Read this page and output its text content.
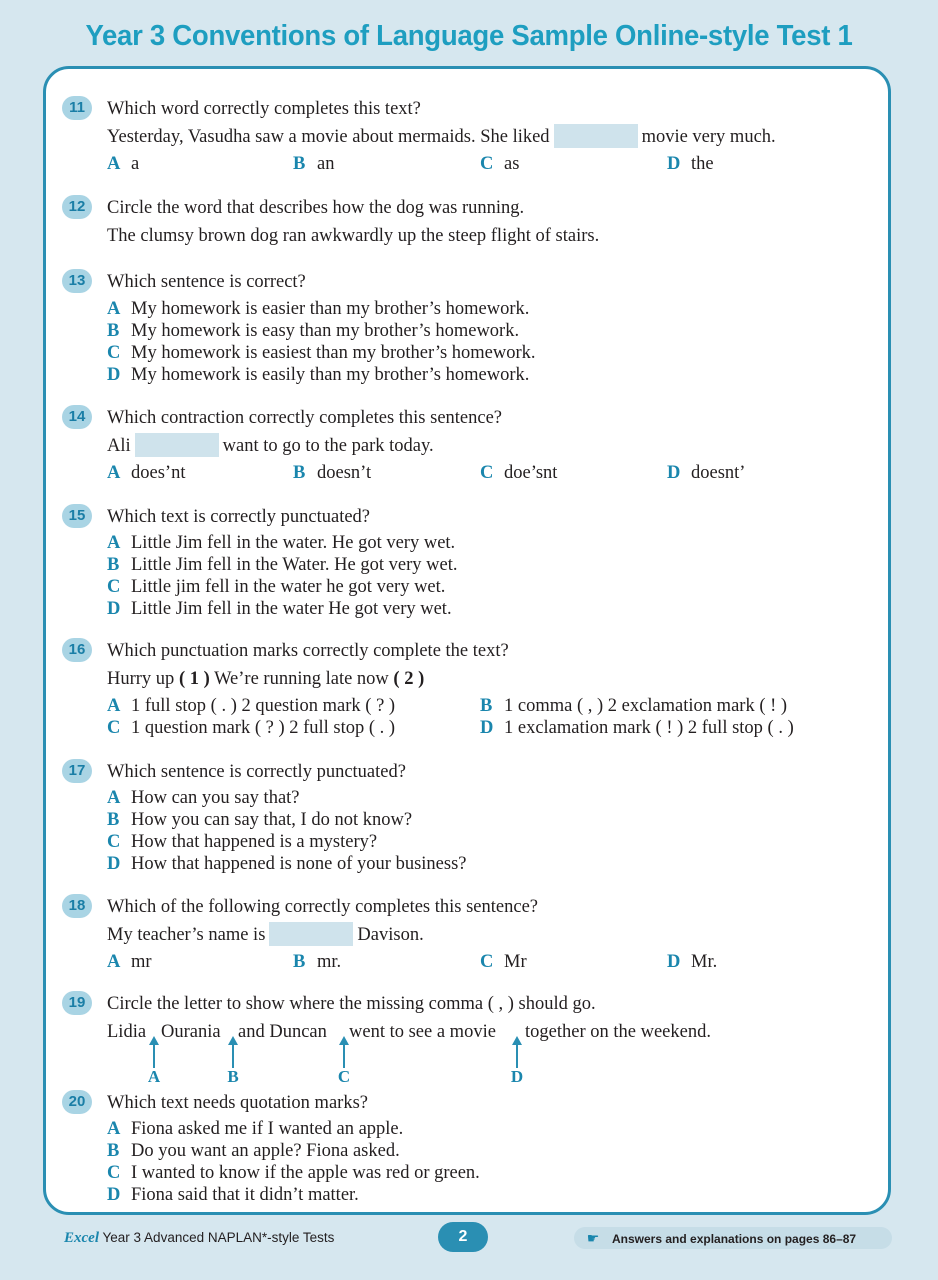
Year 3 Conventions of Language Sample Online-style Test 1
11	Which word correctly completes this text?
Yesterday, Vasudha saw a movie about mermaids. She liked	movie very much.
A a	B an	C as	D the
12	Circle the word that describes how the dog was running.
The clumsy brown dog ran awkwardly up the steep flight of stairs.
13	Which sentence is correct?
A My homework is easier than my brother’s homework.
B My homework is easy than my brother’s homework.
C My homework is easiest than my brother’s homework.
D My homework is easily than my brother’s homework.
14	Which contraction correctly completes this sentence?
Ali	want to go to the park today.
A does’nt	B doesn’t	C doe’snt	D doesnt’
15	Which text is correctly punctuated?
A Little Jim fell in the water. He got very wet.
B Little Jim fell in the Water. He got very wet.
C Little jim fell in the water he got very wet.
D Little Jim fell in the water He got very wet.
16	Which punctuation marks correctly complete the text?
Hurry up ( 1 ) We’re running late now ( 2 )
A 1 full stop ( . ) 2 question mark ( ? )	B 1 comma ( , ) 2 exclamation mark ( ! )
C 1 question mark ( ? ) 2 full stop ( . )	D 1 exclamation mark ( ! ) 2 full stop ( . )
17	Which sentence is correctly punctuated?
A How can you say that?
B How you can say that, I do not know?
C How that happened is a mystery?
D How that happened is none of your business?
18	Which of the following correctly completes this sentence?
My teacher’s name is	Davison.
A mr	B mr.	C Mr	D Mr.
19	Circle the letter to show where the missing comma ( , ) should go.
Lidia Ourania and Duncan went to see a movie together on the weekend.
A	B	C	D
20	Which text needs quotation marks?
A Fiona asked me if I wanted an apple.
B Do you want an apple? Fiona asked.
C I wanted to know if the apple was red or green.
D Fiona said that it didn’t matter.
Excel Year 3 Advanced NAPLAN*-style Tests	2	☛ Answers and explanations on pages 86–87
